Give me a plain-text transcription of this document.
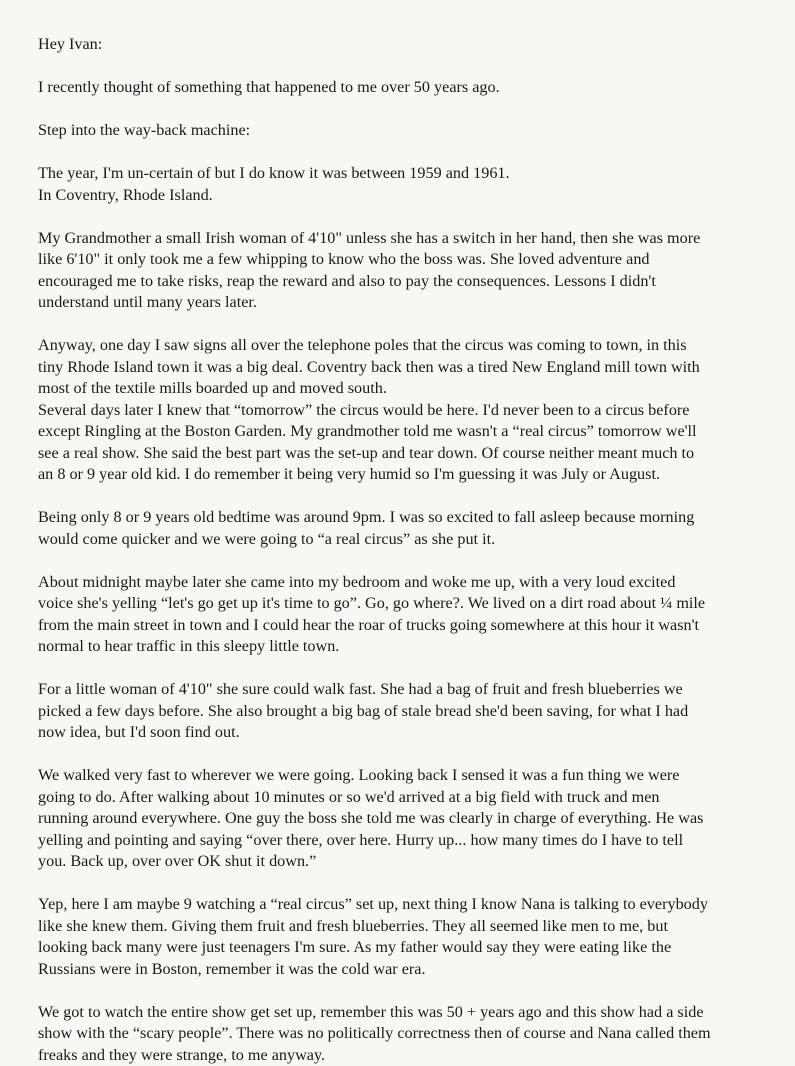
Hey Ivan:
I recently thought of something that happened to me over 50 years ago.
Step into the way-back machine:
The year, I'm un-certain of but I do know it was between 1959 and 1961.
In Coventry, Rhode Island.
My Grandmother a small Irish woman of 4'10" unless she has a switch in her hand, then she was more
like 6'10" it only took me a few whipping to know who the boss was. She loved adventure and
encouraged me to take risks, reap the reward and also to pay the consequences. Lessons I didn't
understand until many years later.
Anyway, one day I saw signs all over the telephone poles that the circus was coming to town, in this
tiny Rhode Island town it was a big deal. Coventry back then was a tired New England mill town with
most of the textile mills boarded up and moved south.
Several days later I knew that “tomorrow” the circus would be here. I'd never been to a circus before
except Ringling at the Boston Garden. My grandmother told me wasn't a “real circus” tomorrow we'll
see a real show. She said the best part was the set-up and tear down. Of course neither meant much to
an 8 or 9 year old kid. I do remember it being very humid so I'm guessing it was July or August.
Being only 8 or 9 years old bedtime was around 9pm. I was so excited to fall asleep because morning
would come quicker and we were going to “a real circus” as she put it.
About midnight maybe later she came into my bedroom and woke me up, with a very loud excited
voice she's yelling “let's go get up it's time to go”. Go, go where?. We lived on a dirt road about ¼ mile
from the main street in town and I could hear the roar of trucks going somewhere at this hour it wasn't
normal to hear traffic in this sleepy little town.
For a little woman of 4'10" she sure could walk fast. She had a bag of fruit and fresh blueberries we
picked a few days before. She also brought a big bag of stale bread she'd been saving, for what I had
now idea, but I'd soon find out.
We walked very fast to wherever we were going. Looking back I sensed it was a fun thing we were
going to do. After walking about 10 minutes or so we'd arrived at a big field with truck and men
running around everywhere. One guy the boss she told me was clearly in charge of everything. He was
yelling and pointing and saying “over there, over here. Hurry up... how many times do I have to tell
you. Back up, over over OK shut it down.”
Yep, here I am maybe 9 watching a “real circus” set up, next thing I know Nana is talking to everybody
like she knew them. Giving them fruit and fresh blueberries. They all seemed like men to me, but
looking back many were just teenagers I'm sure. As my father would say they were eating like the
Russians were in Boston, remember it was the cold war era.
We got to watch the entire show get set up, remember this was 50 + years ago and this show had a side
show with the “scary people”. There was no politically correctness then of course and Nana called them
freaks and they were strange, to me anyway.
